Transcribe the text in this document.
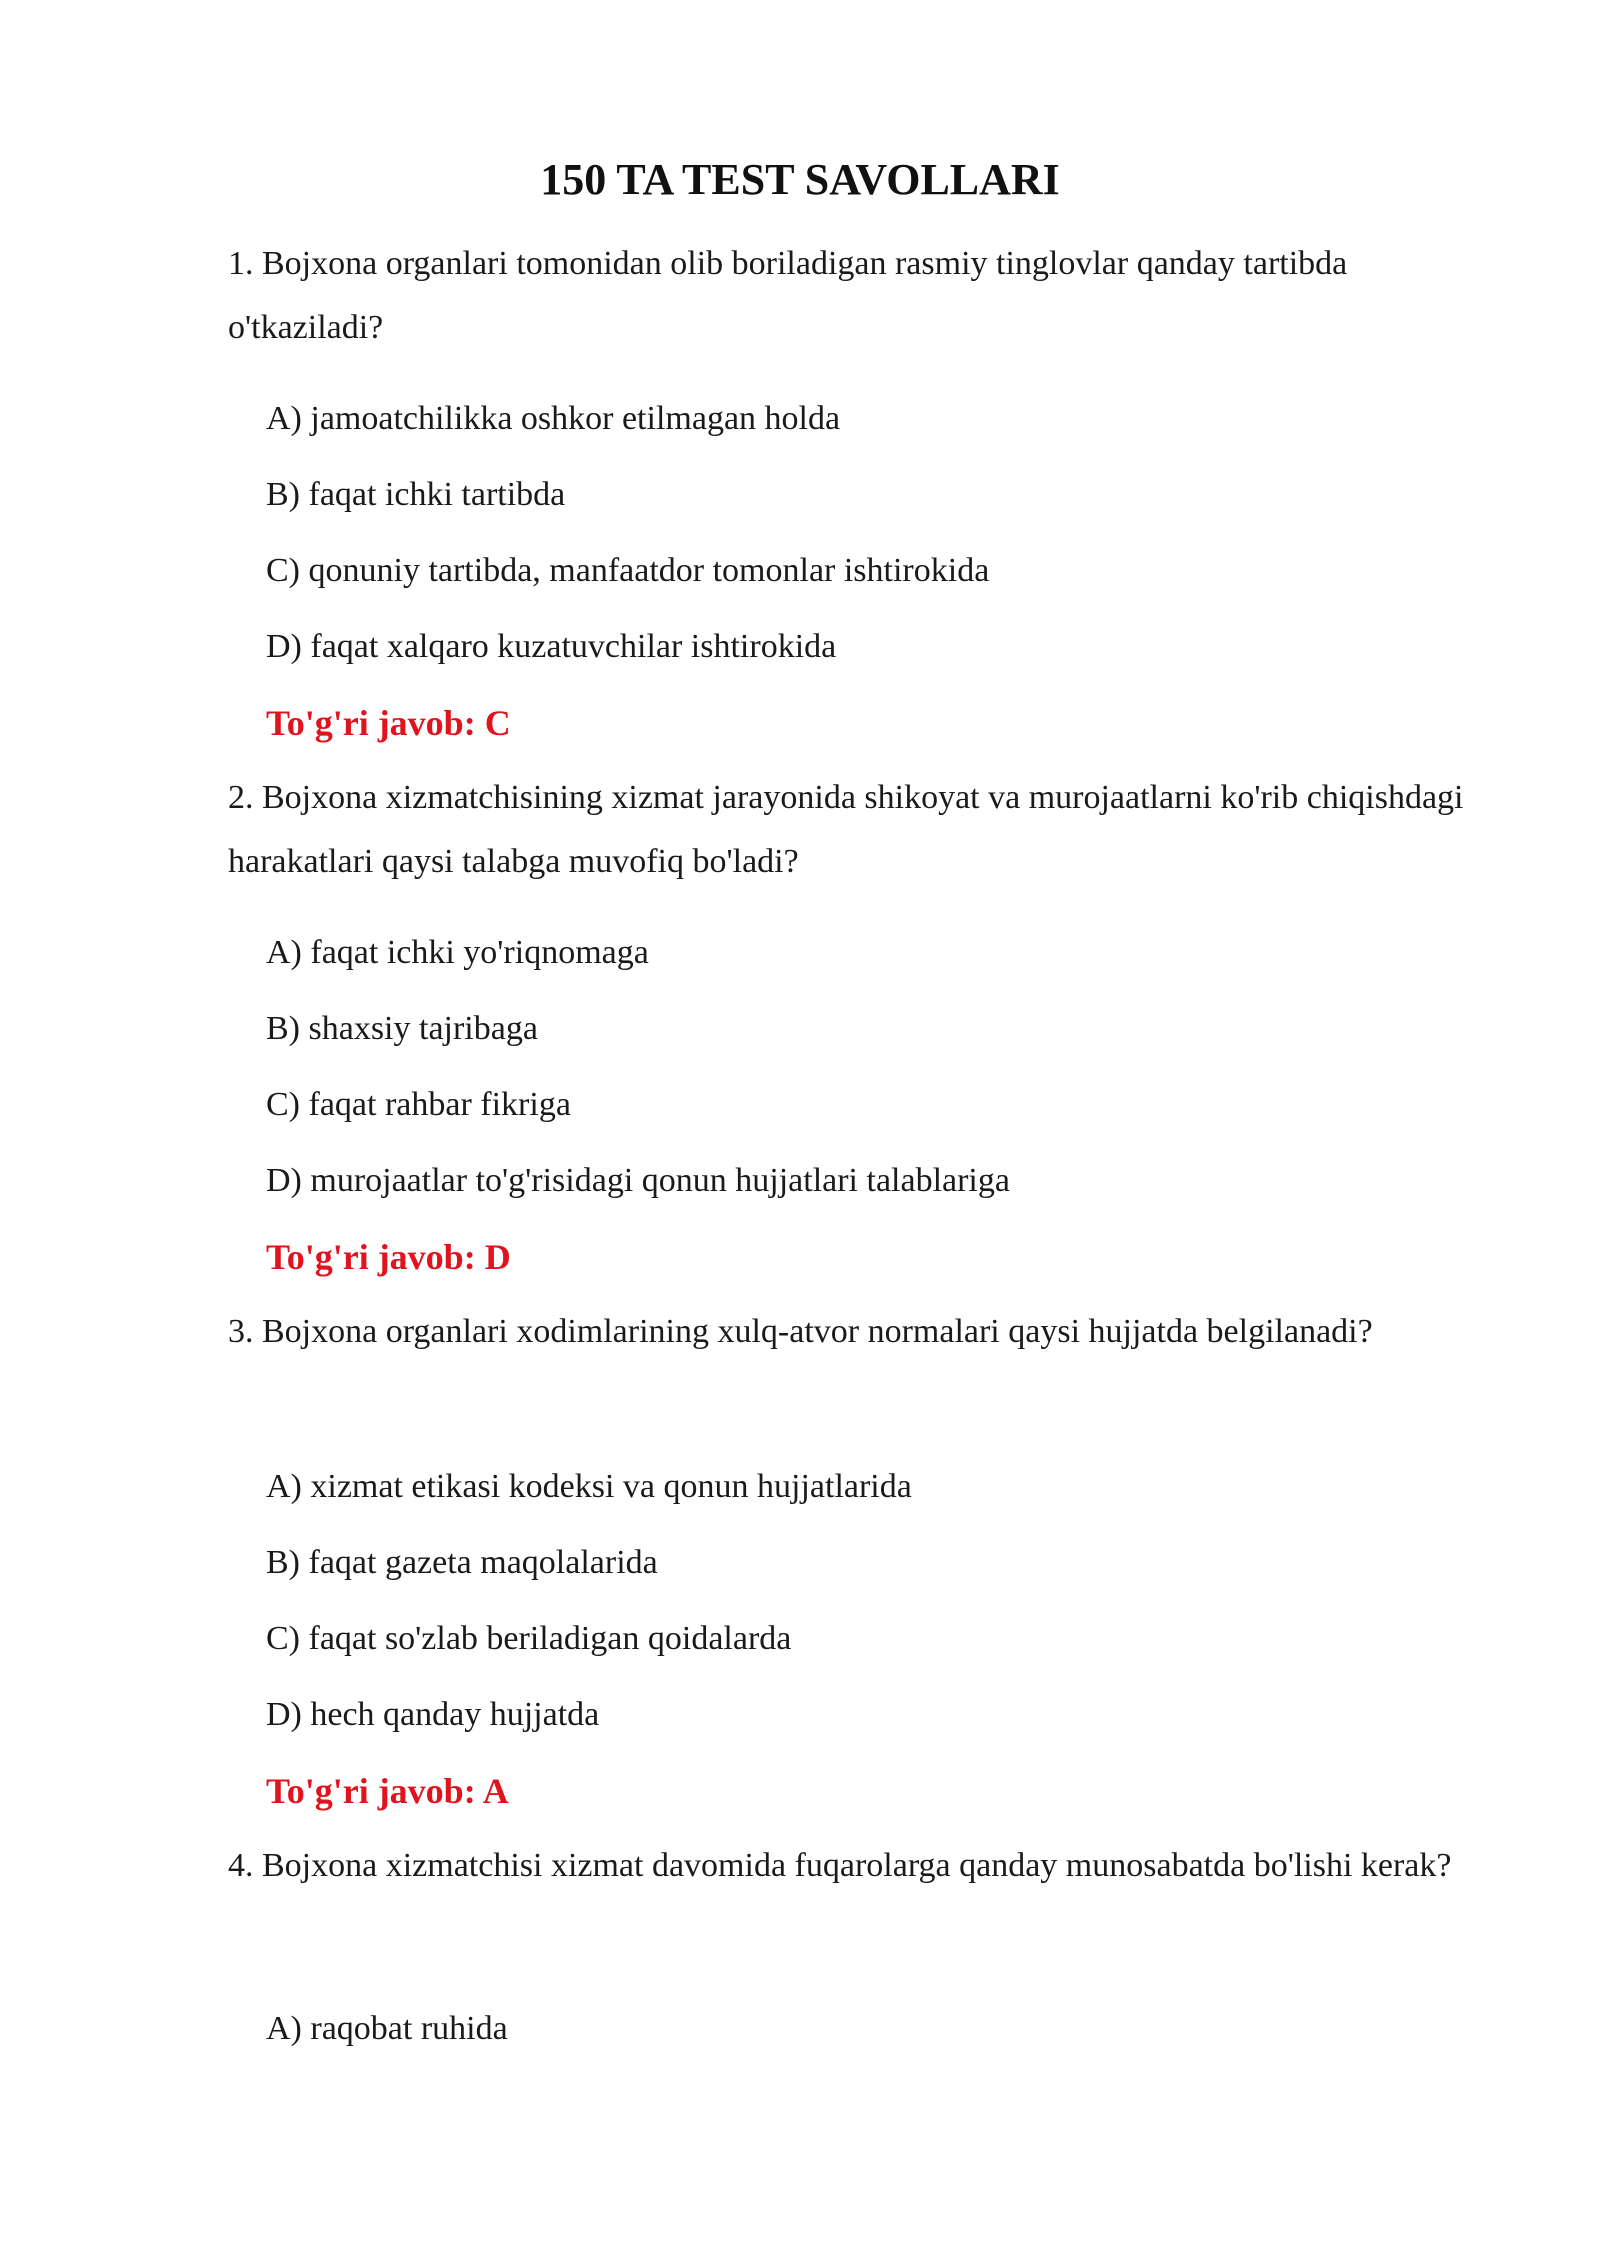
150 TA TEST SAVOLLARI
1. Bojxona organlari tomonidan olib boriladigan rasmiy tinglovlar qanday tartibda o'tkaziladi?
A) jamoatchilikka oshkor etilmagan holda
B) faqat ichki tartibda
C) qonuniy tartibda, manfaatdor tomonlar ishtirokida
D) faqat xalqaro kuzatuvchilar ishtirokida
To'g'ri javob: C
2. Bojxona xizmatchisining xizmat jarayonida shikoyat va murojaatlarni ko'rib chiqishdagi harakatlari qaysi talabga muvofiq bo'ladi?
A) faqat ichki yo'riqnomaga
B) shaxsiy tajribaga
C) faqat rahbar fikriga
D) murojaatlar to'g'risidagi qonun hujjatlari talablariga
To'g'ri javob: D
3. Bojxona organlari xodimlarining xulq-atvor normalari qaysi hujjatda belgilanadi?
A) xizmat etikasi kodeksi va qonun hujjatlarida
B) faqat gazeta maqolalarida
C) faqat so'zlab beriladigan qoidalarda
D) hech qanday hujjatda
To'g'ri javob: A
4. Bojxona xizmatchisi xizmat davomida fuqarolarga qanday munosabatda bo'lishi kerak?
A) raqobat ruhida
